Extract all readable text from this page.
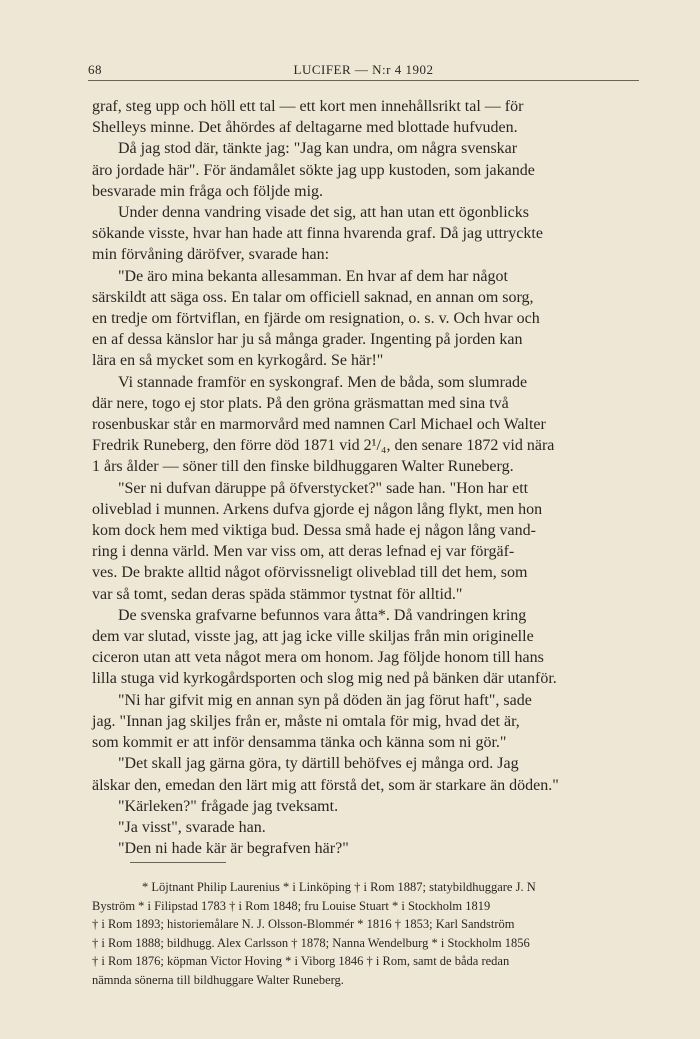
68	LUCIFER — N:r 4 1902
graf, steg upp och höll ett tal — ett kort men innehållsrikt tal — för
Shelleys minne. Det åhördes af deltagarne med blottade hufvuden.
Då jag stod där, tänkte jag: "Jag kan undra, om några svenskar
äro jordade här". För ändamålet sökte jag upp kustoden, som jakande
besvarade min fråga och följde mig.
Under denna vandring visade det sig, att han utan ett ögonblicks
sökande visste, hvar han hade att finna hvarenda graf. Då jag uttryckte
min förvåning däröfver, svarade han:
"De äro mina bekanta allesamman. En hvar af dem har något
särskildt att säga oss. En talar om officiell saknad, en annan om sorg,
en tredje om förtviflan, en fjärde om resignation, o. s. v. Och hvar och
en af dessa känslor har ju så många grader. Ingenting på jorden kan
lära en så mycket som en kyrkogård. Se här!"
Vi stannade framför en syskongraf. Men de båda, som slumrade
där nere, togo ej stor plats. På den gröna gräsmattan med sina två
rosenbuskar står en marmorvård med namnen Carl Michael och Walter
Fredrik Runeberg, den förre död 1871 vid 2¹/₄, den senare 1872 vid nära
1 års ålder — söner till den finske bildhuggaren Walter Runeberg.
"Ser ni dufvan däruppe på öfverstycket?" sade han. "Hon har ett
oliveblad i munnen. Arkens dufva gjorde ej någon lång flykt, men hon
kom dock hem med viktiga bud. Dessa små hade ej någon lång vand-
ring i denna värld. Men var viss om, att deras lefnad ej var förgäf-
ves. De brakte alltid något oförvissneligt oliveblad till det hem, som
var så tomt, sedan deras späda stämmor tystnat för alltid."
De svenska grafvarne befunnos vara åtta*. Då vandringen kring
dem var slutad, visste jag, att jag icke ville skiljas från min originelle
ciceron utan att veta något mera om honom. Jag följde honom till hans
lilla stuga vid kyrkogårdsporten och slog mig ned på bänken där utanför.
"Ni har gifvit mig en annan syn på döden än jag förut haft", sade
jag. "Innan jag skiljes från er, måste ni omtala för mig, hvad det är,
som kommit er att inför densamma tänka och känna som ni gör."
"Det skall jag gärna göra, ty därtill behöfves ej många ord. Jag
älskar den, emedan den lärt mig att förstå det, som är starkare än döden."
"Kärleken?" frågade jag tveksamt.
"Ja visst", svarade han.
"Den ni hade kär är begrafven här?"
* Löjtnant Philip Laurenius * i Linköping † i Rom 1887; statybildhuggare J. N
Byström * i Filipstad 1783 † i Rom 1848; fru Louise Stuart * i Stockholm 1819
† i Rom 1893; historiemålare N. J. Olsson-Blommér * 1816 † 1853; Karl Sandström
† i Rom 1888; bildhugg. Alex Carlsson † 1878; Nanna Wendelburg * i Stockholm 1856
† i Rom 1876; köpman Victor Hoving * i Viborg 1846 † i Rom, samt de båda redan
nämnda sönerna till bildhuggare Walter Runeberg.
